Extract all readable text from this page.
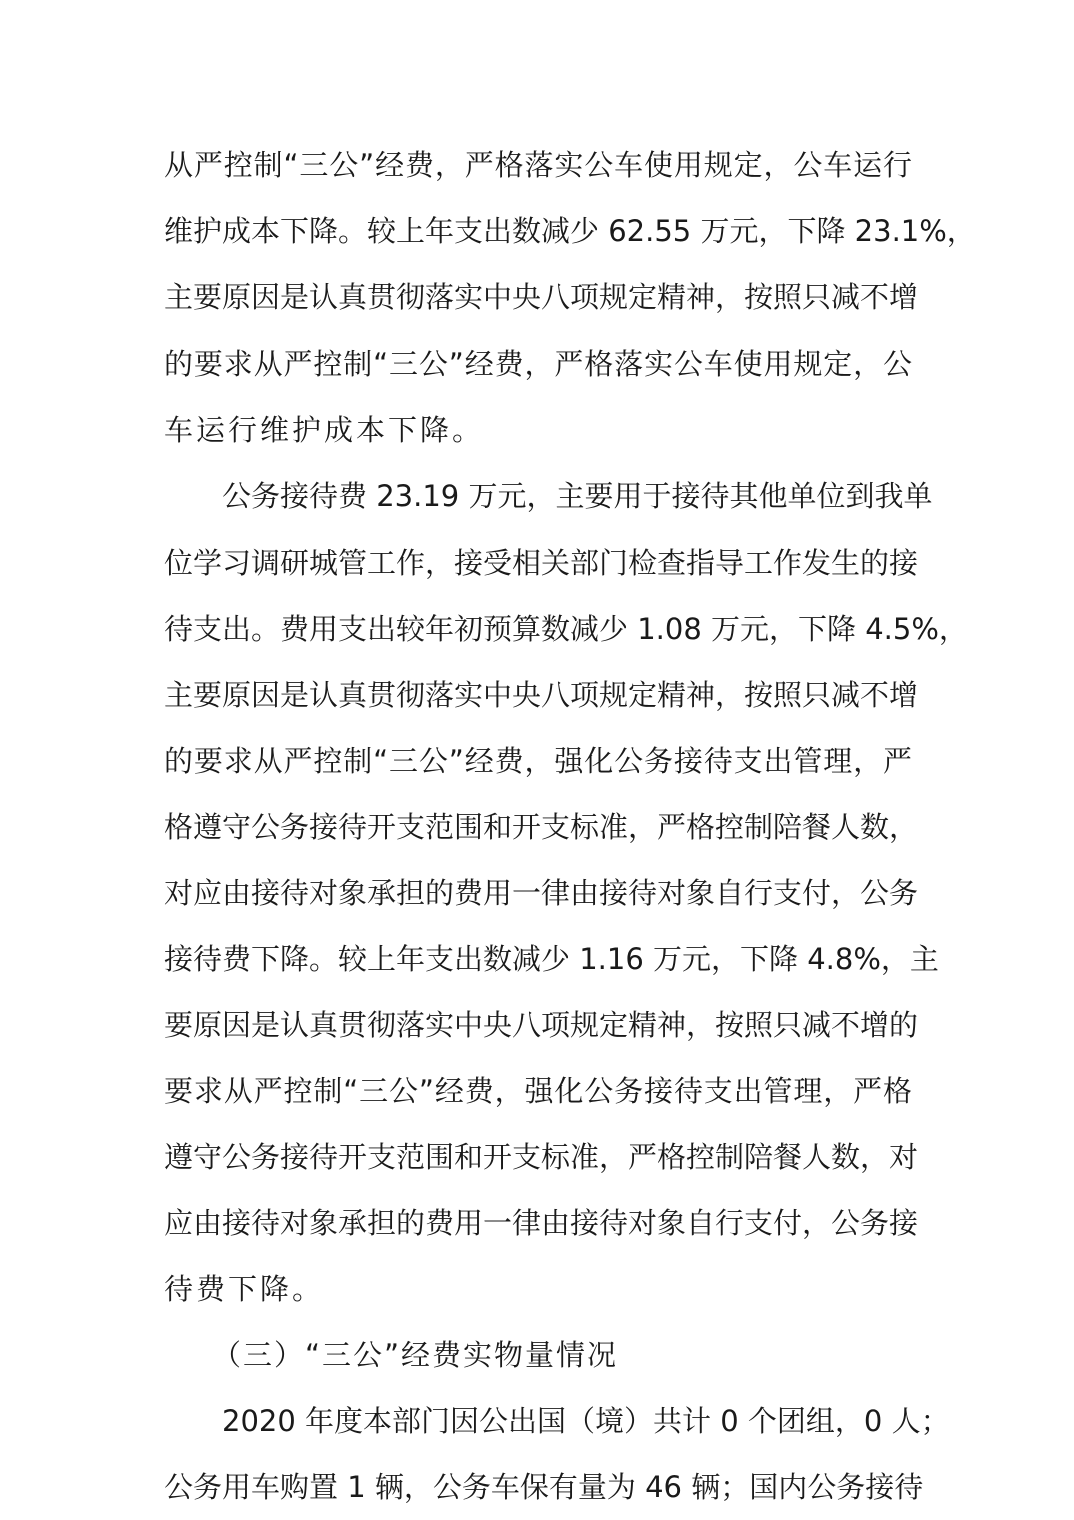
从严控制“三公”经费，严格落实公车使用规定，公车运行
维护成本下降。较上年支出数减少 62.55 万元，下降 23.1%，
主要原因是认真贯彻落实中央八项规定精神，按照只减不增
的要求从严控制“三公”经费，严格落实公车使用规定，公
车运行维护成本下降。
公务接待费 23.19 万元，主要用于接待其他单位到我单
位学习调研城管工作，接受相关部门检查指导工作发生的接
待支出。费用支出较年初预算数减少 1.08 万元，下降 4.5%，
主要原因是认真贯彻落实中央八项规定精神，按照只减不增
的要求从严控制“三公”经费，强化公务接待支出管理，严
格遵守公务接待开支范围和开支标准，严格控制陪餐人数，
对应由接待对象承担的费用一律由接待对象自行支付，公务
接待费下降。较上年支出数减少 1.16 万元，下降 4.8%，主
要原因是认真贯彻落实中央八项规定精神，按照只减不增的
要求从严控制“三公”经费，强化公务接待支出管理，严格
遵守公务接待开支范围和开支标准，严格控制陪餐人数，对
应由接待对象承担的费用一律由接待对象自行支付，公务接
待费下降。
（三）“三公”经费实物量情况
2020 年度本部门因公出国（境）共计 0 个团组，0 人；
公务用车购置 1 辆，公务车保有量为 46 辆；国内公务接待
